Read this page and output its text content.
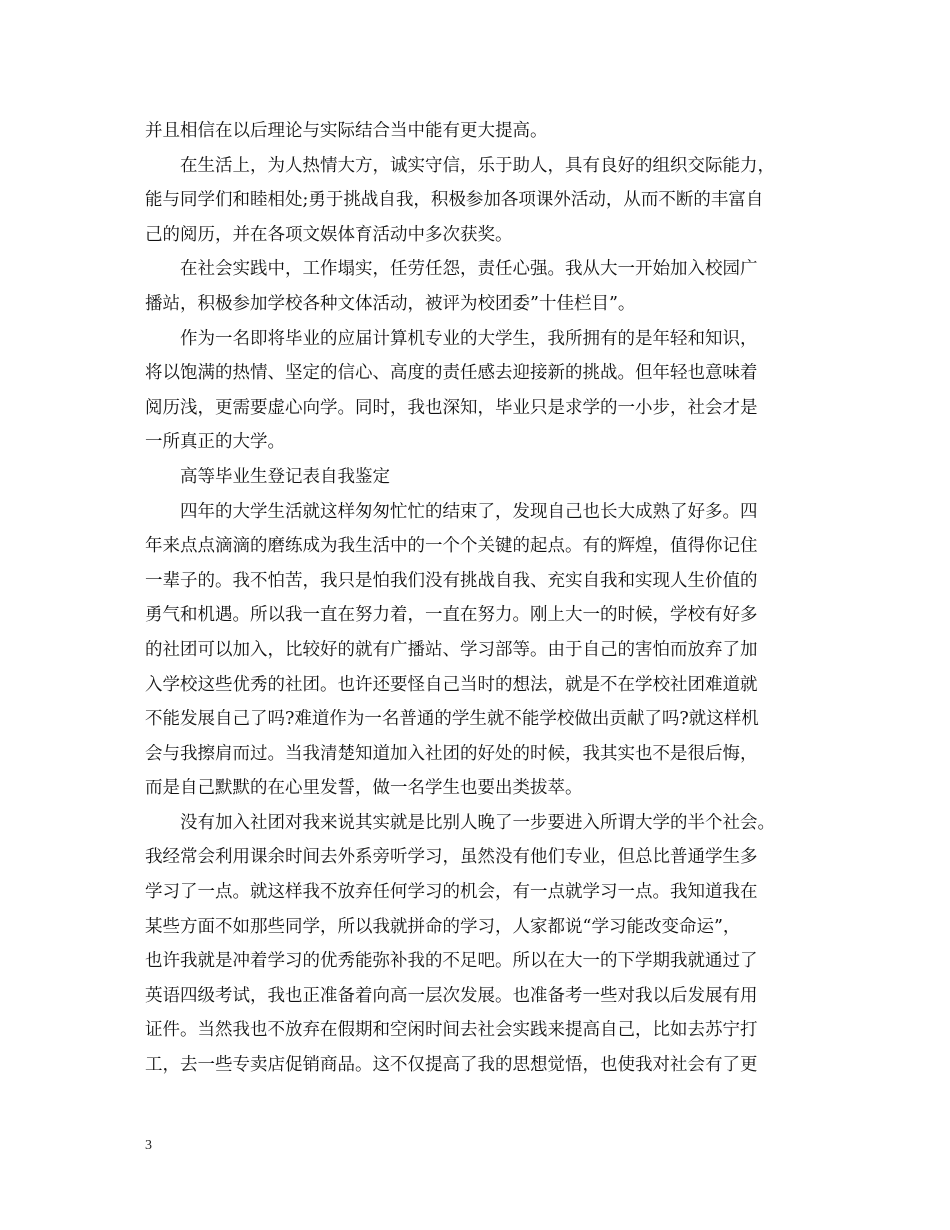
并且相信在以后理论与实际结合当中能有更大提高。
在生活上，为人热情大方，诚实守信，乐于助人，具有良好的组织交际能力，
能与同学们和睦相处;勇于挑战自我，积极参加各项课外活动，从而不断的丰富自
己的阅历，并在各项文娱体育活动中多次获奖。
在社会实践中，工作塌实，任劳任怨，责任心强。我从大一开始加入校园广
播站，积极参加学校各种文体活动，被评为校团委”十佳栏目”。
作为一名即将毕业的应届计算机专业的大学生，我所拥有的是年轻和知识，
将以饱满的热情、坚定的信心、高度的责任感去迎接新的挑战。但年轻也意味着
阅历浅，更需要虚心向学。同时，我也深知，毕业只是求学的一小步，社会才是
一所真正的大学。
高等毕业生登记表自我鉴定
四年的大学生活就这样匆匆忙忙的结束了，发现自己也长大成熟了好多。四
年来点点滴滴的磨练成为我生活中的一个个关键的起点。有的辉煌，值得你记住
一辈子的。我不怕苦，我只是怕我们没有挑战自我、充实自我和实现人生价值的
勇气和机遇。所以我一直在努力着，一直在努力。刚上大一的时候，学校有好多
的社团可以加入，比较好的就有广播站、学习部等。由于自己的害怕而放弃了加
入学校这些优秀的社团。也许还要怪自己当时的想法，就是不在学校社团难道就
不能发展自己了吗?难道作为一名普通的学生就不能学校做出贡献了吗?就这样机
会与我擦肩而过。当我清楚知道加入社团的好处的时候，我其实也不是很后悔，
而是自己默默的在心里发誓，做一名学生也要出类拔萃。
没有加入社团对我来说其实就是比别人晚了一步要进入所谓大学的半个社会。
我经常会利用课余时间去外系旁听学习，虽然没有他们专业，但总比普通学生多
学习了一点。就这样我不放弃任何学习的机会，有一点就学习一点。我知道我在
某些方面不如那些同学，所以我就拼命的学习，人家都说“学习能改变命运”，
也许我就是冲着学习的优秀能弥补我的不足吧。所以在大一的下学期我就通过了
英语四级考试，我也正准备着向高一层次发展。也准备考一些对我以后发展有用
证件。当然我也不放弃在假期和空闲时间去社会实践来提高自己，比如去苏宁打
工，去一些专卖店促销商品。这不仅提高了我的思想觉悟，也使我对社会有了更
3
